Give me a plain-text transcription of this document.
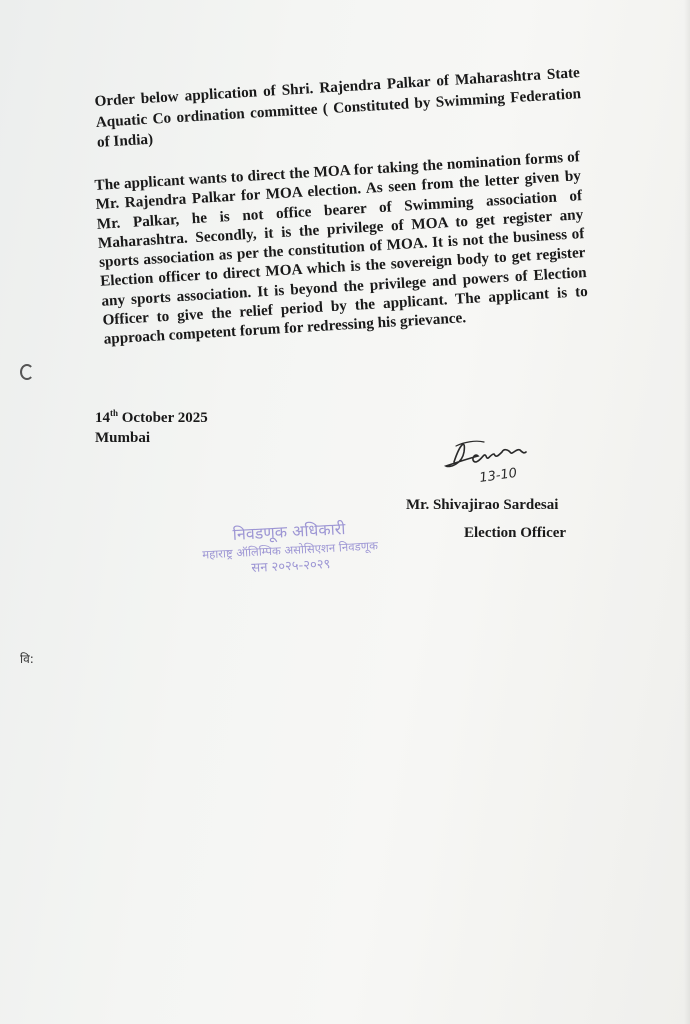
Order below application of Shri. Rajendra Palkar of Maharashtra State Aquatic Co ordination committee ( Constituted by Swimming Federation of India)
The applicant wants to direct the MOA for taking the nomination forms of Mr. Rajendra Palkar for MOA election. As seen from the letter given by Mr. Palkar, he is not office bearer of Swimming association of Maharashtra. Secondly, it is the privilege of MOA to get register any sports association as per the constitution of MOA. It is not the business of Election officer to direct MOA which is the sovereign body to get register any sports association. It is beyond the privilege and powers of Election Officer to give the relief period by the applicant. The applicant is to approach competent forum for redressing his grievance.
14th October 2025
Mumbai
13-10
Mr. Shivajirao Sardesai
Election Officer
निवडणूक अधिकारी
महाराष्ट्र ऑलिम्पिक असोसिएशन निवडणूक
सन २०२५-२०२९
वि:
